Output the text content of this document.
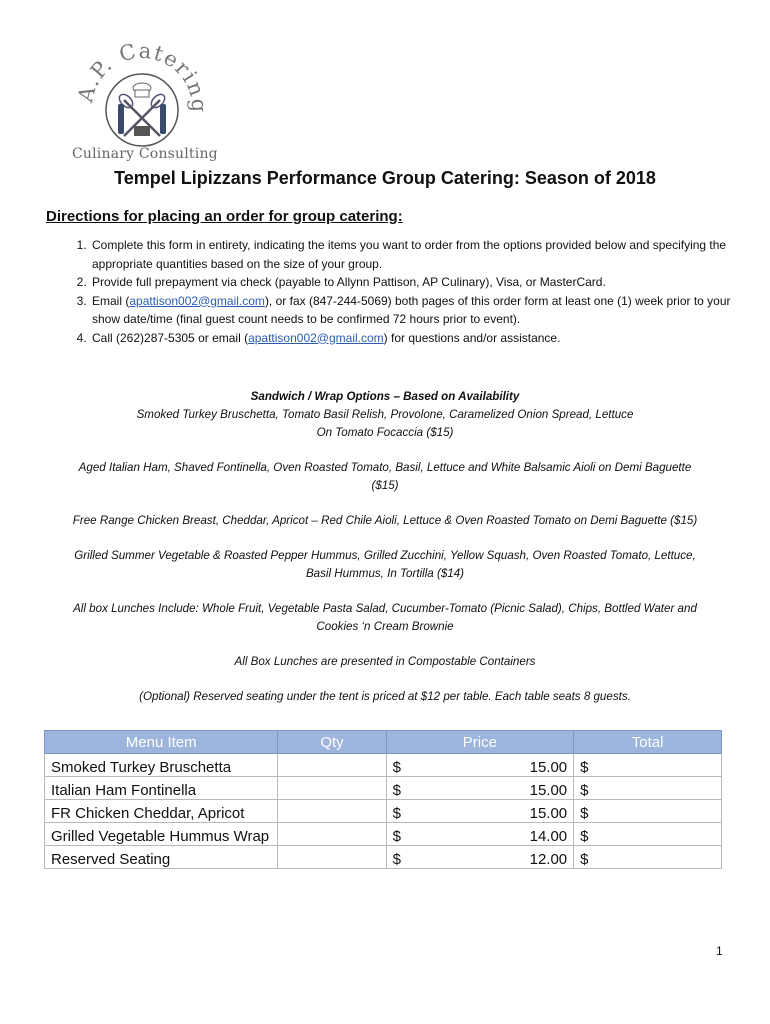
A.P. Catering
Culinary Consulting
Tempel Lipizzans Performance Group Catering: Season of 2018
Directions for placing an order for group catering:
1. Complete this form in entirety, indicating the items you want to order from the options provided below and specifying the appropriate quantities based on the size of your group.
2. Provide full prepayment via check (payable to Allynn Pattison, AP Culinary), Visa, or MasterCard.
3. Email (apattison002@gmail.com), or fax (847-244-5069) both pages of this order form at least one (1) week prior to your show date/time (final guest count needs to be confirmed 72 hours prior to event).
4. Call (262)287-5305 or email (apattison002@gmail.com) for questions and/or assistance.
Sandwich / Wrap Options – Based on Availability
Smoked Turkey Bruschetta, Tomato Basil Relish, Provolone, Caramelized Onion Spread, Lettuce
On Tomato Focaccia ($15)
Aged Italian Ham, Shaved Fontinella, Oven Roasted Tomato, Basil, Lettuce and White Balsamic Aioli on Demi Baguette
($15)
Free Range Chicken Breast, Cheddar, Apricot – Red Chile Aioli, Lettuce & Oven Roasted Tomato on Demi Baguette ($15)
Grilled Summer Vegetable & Roasted Pepper Hummus, Grilled Zucchini, Yellow Squash, Oven Roasted Tomato, Lettuce,
Basil Hummus, In Tortilla ($14)
All box Lunches Include: Whole Fruit, Vegetable Pasta Salad, Cucumber-Tomato (Picnic Salad), Chips, Bottled Water and
Cookies ‘n Cream Brownie
All Box Lunches are presented in Compostable Containers
(Optional) Reserved seating under the tent is priced at $12 per table. Each table seats 8 guests.
Menu Item	Qty	Price	Total
Smoked Turkey Bruschetta		$ 15.00	$
Italian Ham Fontinella		$ 15.00	$
FR Chicken Cheddar, Apricot		$ 15.00	$
Grilled Vegetable Hummus Wrap		$ 14.00	$
Reserved Seating		$ 12.00	$
1
